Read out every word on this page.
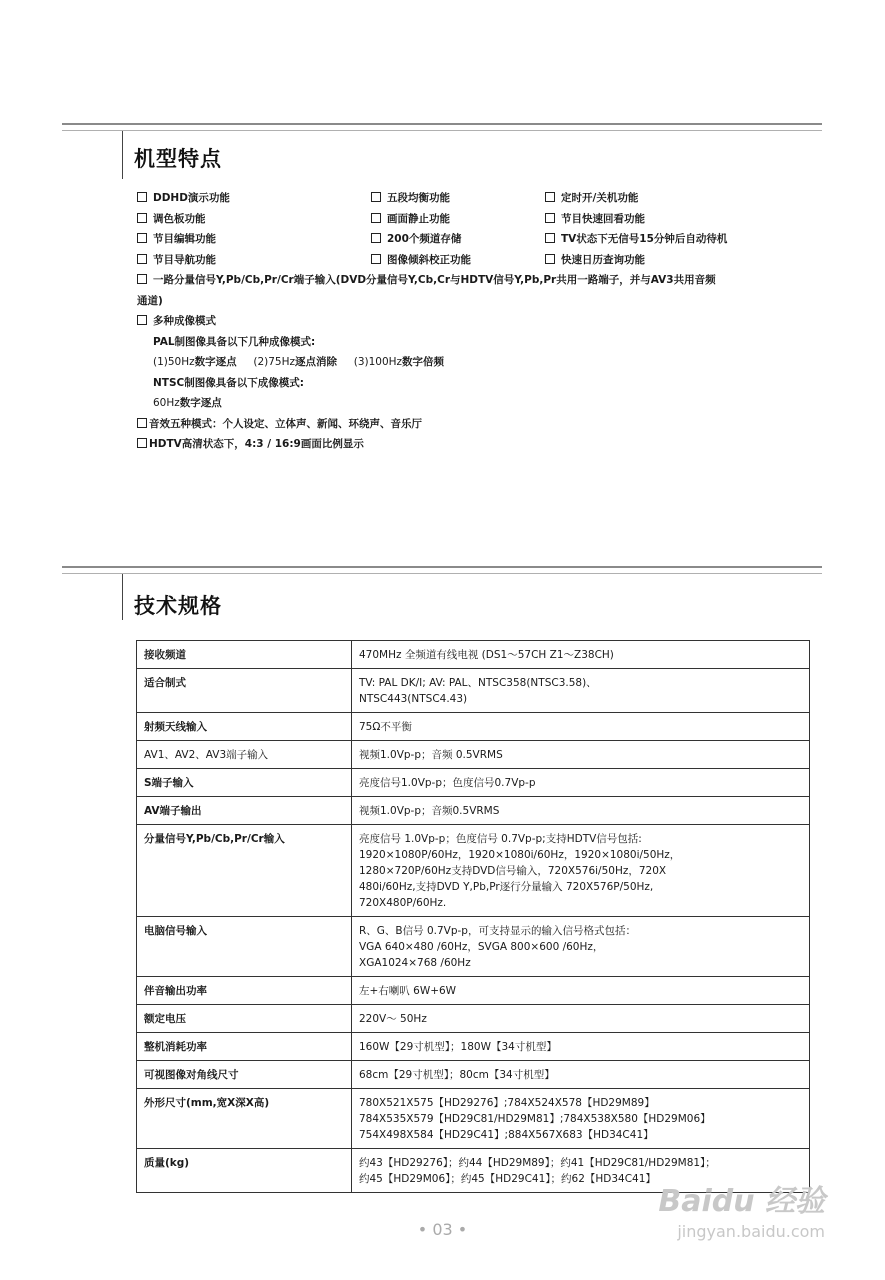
机型特点
DDHD演示功能	五段均衡功能	定时开/关机功能
调色板功能	画面静止功能	节目快速回看功能
节目编辑功能	200个频道存储	TV状态下无信号15分钟后自动待机
节目导航功能	图像倾斜校正功能	快速日历查询功能
一路分量信号Y,Pb/Cb,Pr/Cr端子输入(DVD分量信号Y,Cb,Cr与HDTV信号Y,Pb,Pr共用一路端子，并与AV3共用音频
通道)
多种成像模式
PAL制图像具备以下几种成像模式:
(1)50Hz数字逐点 (2)75Hz逐点消除 (3)100Hz数字倍频
NTSC制图像具备以下成像模式:
60Hz数字逐点
音效五种模式：个人设定、立体声、新闻、环绕声、音乐厅
HDTV高清状态下，4:3 / 16:9画面比例显示
技术规格
接收频道	470MHz 全频道有线电视 (DS1～57CH Z1～Z38CH)
适合制式	TV: PAL DK/I; AV: PAL、NTSC358(NTSC3.58)、
NTSC443(NTSC4.43)
射频天线输入	75Ω不平衡
AV1、AV2、AV3端子输入	视频1.0Vp-p；音频 0.5VRMS
S端子输入	亮度信号1.0Vp-p；色度信号0.7Vp-p
AV端子输出	视频1.0Vp-p；音频0.5VRMS
分量信号Y,Pb/Cb,Pr/Cr输入	亮度信号 1.0Vp-p；色度信号 0.7Vp-p;支持HDTV信号包括:
1920×1080P/60Hz，1920×1080i/60Hz，1920×1080i/50Hz，
1280×720P/60Hz支持DVD信号输入，720X576i/50Hz，720X
480i/60Hz,支持DVD Y,Pb,Pr逐行分量输入 720X576P/50Hz,
720X480P/60Hz.

电脑信号输入	R、G、B信号 0.7Vp-p，可支持显示的输入信号格式包括：
VGA 640×480 /60Hz，SVGA 800×600 /60Hz，
XGA1024×768 /60Hz
伴音输出功率	左+右喇叭 6W+6W
额定电压	220V～ 50Hz
整机消耗功率	160W【29寸机型】；180W【34寸机型】
可视图像对角线尺寸	68cm【29寸机型】；80cm【34寸机型】
外形尺寸(mm,宽X深X高)	780X521X575【HD29276】;784X524X578【HD29M89】
784X535X579【HD29C81/HD29M81】;784X538X580【HD29M06】
754X498X584【HD29C41】;884X567X683【HD34C41】
质量(kg)	约43【HD29276】；约44【HD29M89】；约41【HD29C81/HD29M81】；
约45【HD29M06】；约45【HD29C41】；约62【HD34C41】
• 03 •
Baidu 经验
jingyan.baidu.com
